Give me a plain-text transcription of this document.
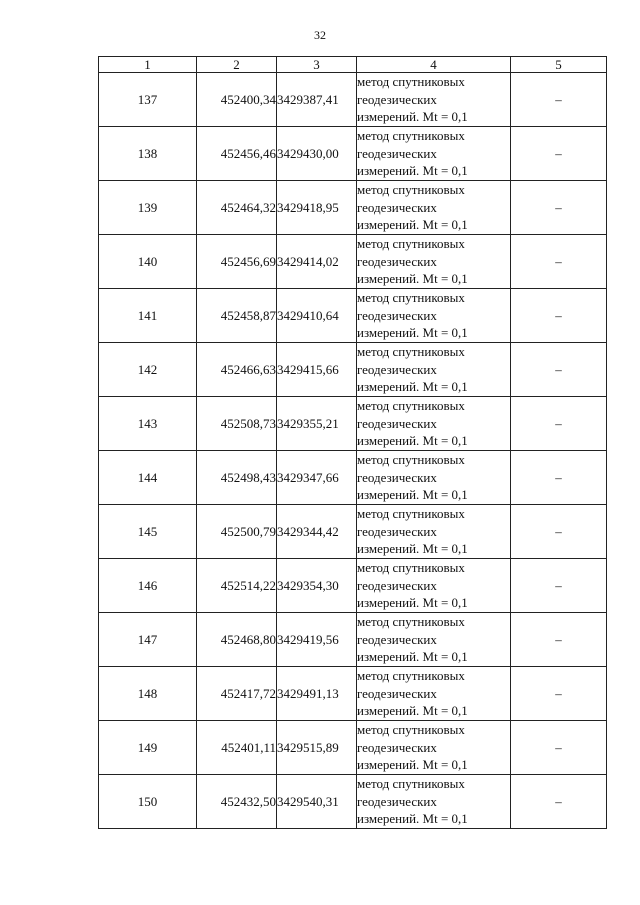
32
1	2	3	4	5
137	452400,34	3429387,41	метод спутниковых
геодезических
измерений. Mt = 0,1	–
138	452456,46	3429430,00	метод спутниковых
геодезических
измерений. Mt = 0,1	–
139	452464,32	3429418,95	метод спутниковых
геодезических
измерений. Mt = 0,1	–
140	452456,69	3429414,02	метод спутниковых
геодезических
измерений. Mt = 0,1	–
141	452458,87	3429410,64	метод спутниковых
геодезических
измерений. Mt = 0,1	–
142	452466,63	3429415,66	метод спутниковых
геодезических
измерений. Mt = 0,1	–
143	452508,73	3429355,21	метод спутниковых
геодезических
измерений. Mt = 0,1	–
144	452498,43	3429347,66	метод спутниковых
геодезических
измерений. Mt = 0,1	–
145	452500,79	3429344,42	метод спутниковых
геодезических
измерений. Mt = 0,1	–
146	452514,22	3429354,30	метод спутниковых
геодезических
измерений. Mt = 0,1	–
147	452468,80	3429419,56	метод спутниковых
геодезических
измерений. Mt = 0,1	–
148	452417,72	3429491,13	метод спутниковых
геодезических
измерений. Mt = 0,1	–
149	452401,11	3429515,89	метод спутниковых
геодезических
измерений. Mt = 0,1	–
150	452432,50	3429540,31	метод спутниковых
геодезических
измерений. Mt = 0,1	–
